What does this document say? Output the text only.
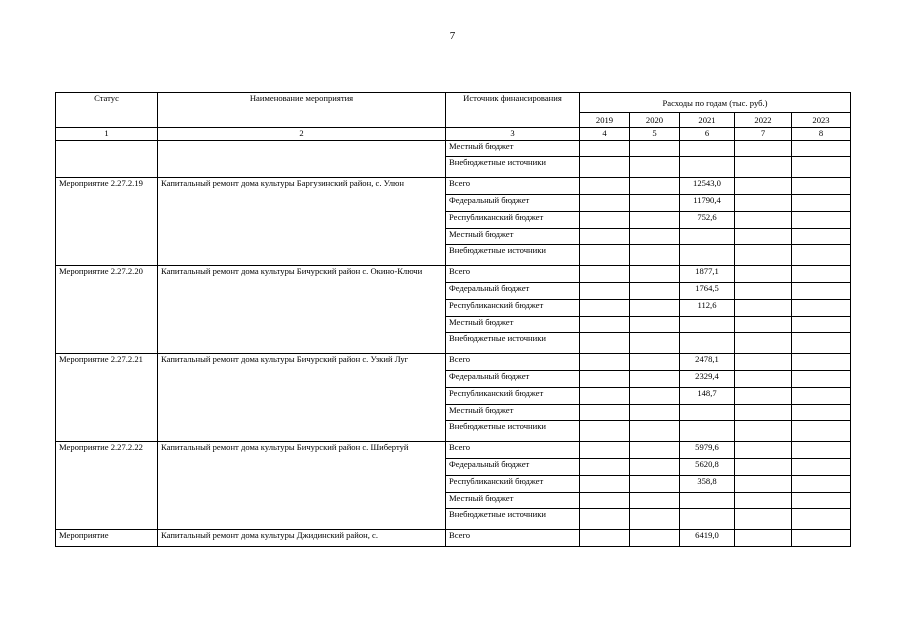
7
Статус	Наименование мероприятия	Источник финансирования	Расходы по годам (тыс. руб.)				
			2019	2020	2021	2022	2023
1	2	3	4	5	6	7	8
		Местный бюджет					
		Внебюджетные источники					
Мероприятие 2.27.2.19	Капитальный ремонт дома культуры Баргузинский район, с. Улюн	Всего			12543,0		
		Федеральный бюджет			11790,4		
		Республиканский бюджет			752,6		
		Местный бюджет					
		Внебюджетные источники					
Мероприятие 2.27.2.20	Капитальный ремонт дома культуры Бичурский район с. Окино-Ключи	Всего			1877,1		
		Федеральный бюджет			1764,5		
		Республиканский бюджет			112,6		
		Местный бюджет					
		Внебюджетные источники					
Мероприятие 2.27.2.21	Капитальный ремонт дома культуры Бичурский район с. Узкий Луг	Всего			2478,1		
		Федеральный бюджет			2329,4		
		Республиканский бюджет			148,7		
		Местный бюджет					
		Внебюджетные источники					
Мероприятие 2.27.2.22	Капитальный ремонт дома культуры Бичурский район с. Шибертуй	Всего			5979,6		
		Федеральный бюджет			5620,8		
		Республиканский бюджет			358,8		
		Местный бюджет					
		Внебюджетные источники					
Мероприятие	Капитальный ремонт дома культуры Джидинский район, с.	Всего			6419,0		
